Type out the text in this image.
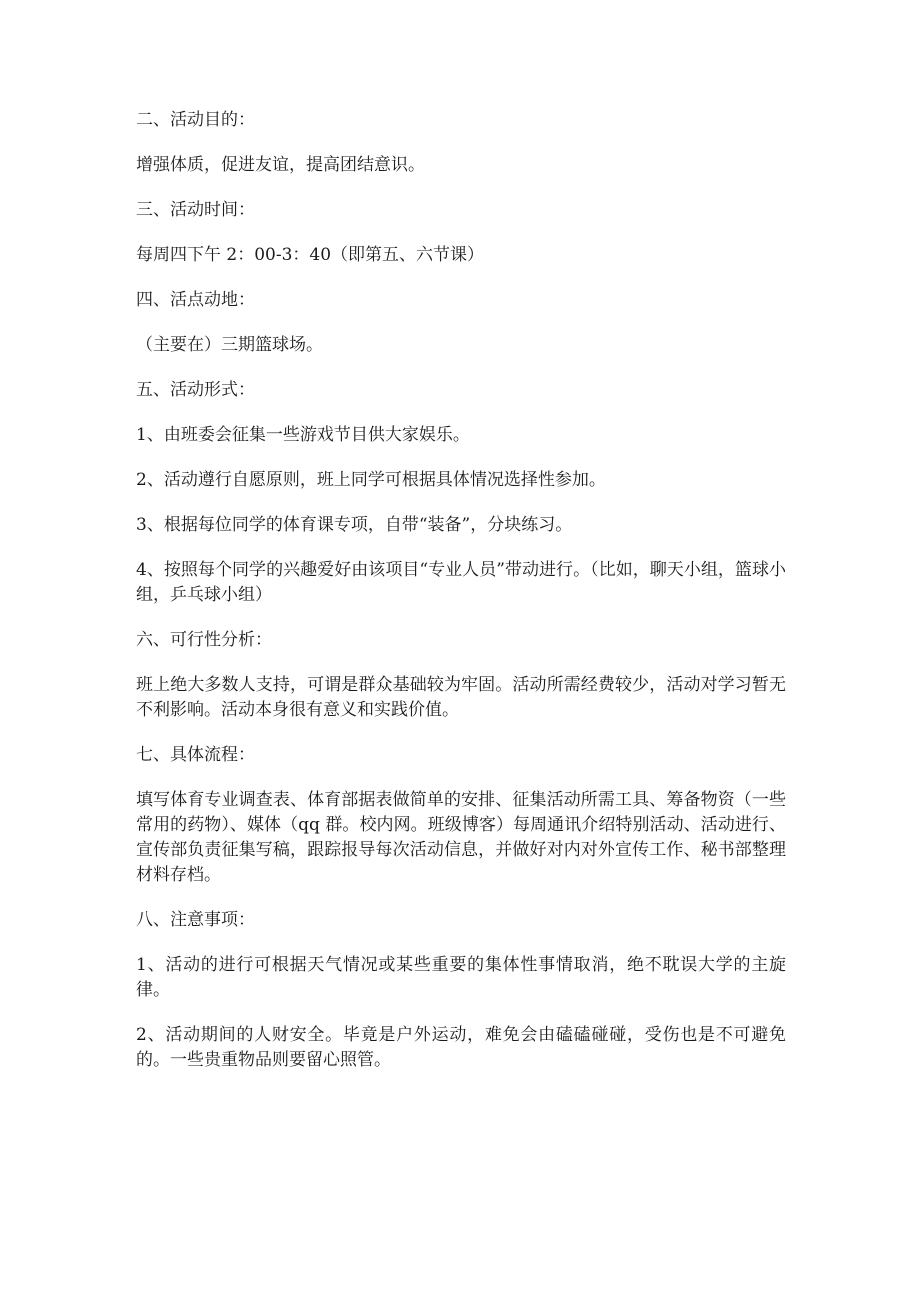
二、活动目的：

增强体质，促进友谊，提高团结意识。

三、活动时间：

每周四下午 2：00-3：40（即第五、六节课）

四、活点动地：

（主要在）三期篮球场。

五、活动形式：

1、由班委会征集一些游戏节目供大家娱乐。

2、活动遵行自愿原则，班上同学可根据具体情况选择性参加。

3、根据每位同学的体育课专项，自带“装备”，分块练习。

4、按照每个同学的兴趣爱好由该项目“专业人员”带动进行。（比如，聊天小组，篮球小组，乒乓球小组）

六、可行性分析：

班上绝大多数人支持，可谓是群众基础较为牢固。活动所需经费较少，活动对学习暂无不利影响。活动本身很有意义和实践价值。

七、具体流程：

填写体育专业调查表、体育部据表做简单的安排、征集活动所需工具、筹备物资（一些常用的药物）、媒体（qq 群。校内网。班级博客）每周通讯介绍特别活动、活动进行、宣传部负责征集写稿，跟踪报导每次活动信息，并做好对内对外宣传工作、秘书部整理材料存档。

八、注意事项：

1、活动的进行可根据天气情况或某些重要的集体性事情取消，绝不耽误大学的主旋律。

2、活动期间的人财安全。毕竟是户外运动，难免会由磕磕碰碰，受伤也是不可避免的。一些贵重物品则要留心照管。
